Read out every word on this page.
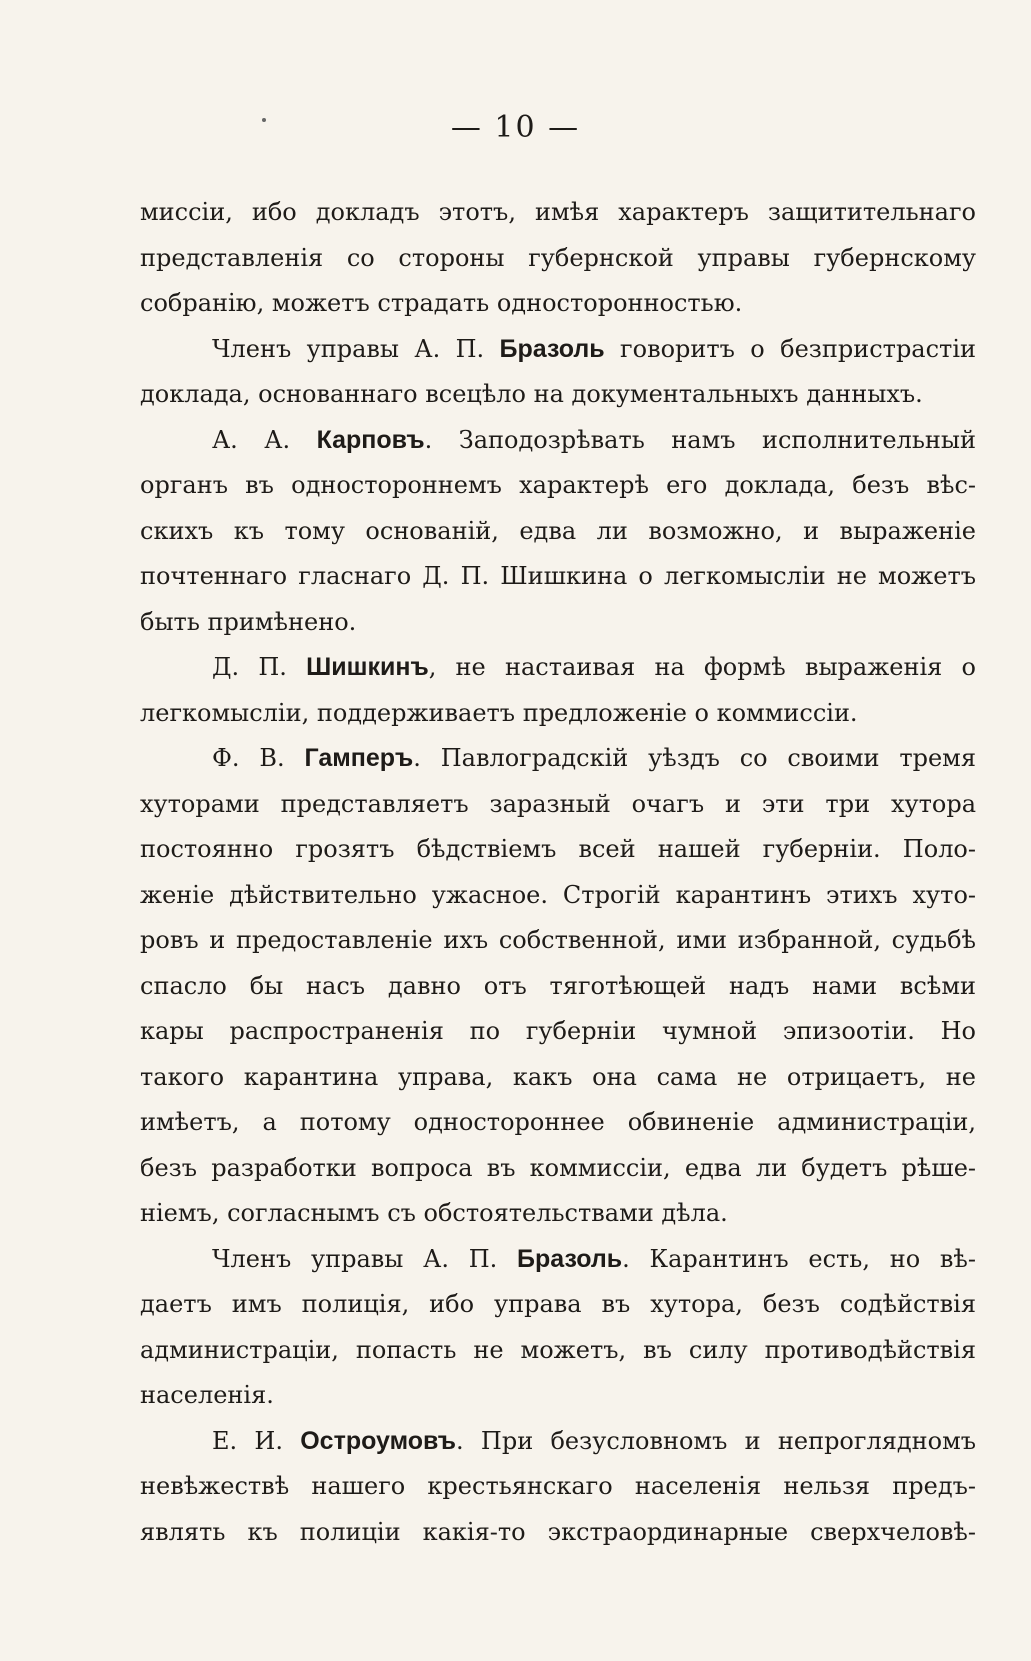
— 10 —
миссіи, ибо докладъ этотъ, имѣя характеръ защитительнаго
представленія со стороны губернской управы губернскому
собранію, можетъ страдать односторонностью.
Членъ управы А. П. Бразоль говоритъ о безпристрастіи
доклада, основаннаго всецѣло на документальныхъ данныхъ.
А. А. Карповъ. Заподозрѣвать намъ исполнительный
органъ въ одностороннемъ характерѣ его доклада, безъ вѣс-
скихъ къ тому основаній, едва ли возможно, и выраженіе
почтеннаго гласнаго Д. П. Шишкина о легкомысліи не можетъ
быть примѣнено.
Д. П. Шишкинъ, не настаивая на формѣ выраженія о
легкомысліи, поддерживаетъ предложеніе о коммиссіи.
Ф. В. Гамперъ. Павлоградскій уѣздъ со своими тремя
хуторами представляетъ заразный очагъ и эти три хутора
постоянно грозятъ бѣдствіемъ всей нашей губерніи. Поло-
женіе дѣйствительно ужасное. Строгій карантинъ этихъ хуто-
ровъ и предоставленіе ихъ собственной, ими избранной, судьбѣ
спасло бы насъ давно отъ тяготѣющей надъ нами всѣми
кары распространенія по губерніи чумной эпизоотіи. Но
такого карантина управа, какъ она сама не отрицаетъ, не
имѣетъ, а потому одностороннее обвиненіе администраціи,
безъ разработки вопроса въ коммиссіи, едва ли будетъ рѣше-
ніемъ, согласнымъ съ обстоятельствами дѣла.
Членъ управы А. П. Бразоль. Карантинъ есть, но вѣ-
даетъ имъ полиція, ибо управа въ хутора, безъ содѣйствія
администраціи, попасть не можетъ, въ силу противодѣйствія
населенія.
Е. И. Остроумовъ. При безусловномъ и непроглядномъ
невѣжествѣ нашего крестьянскаго населенія нельзя предъ-
являть къ полиціи какія-то экстраординарные сверхчеловѣ-
